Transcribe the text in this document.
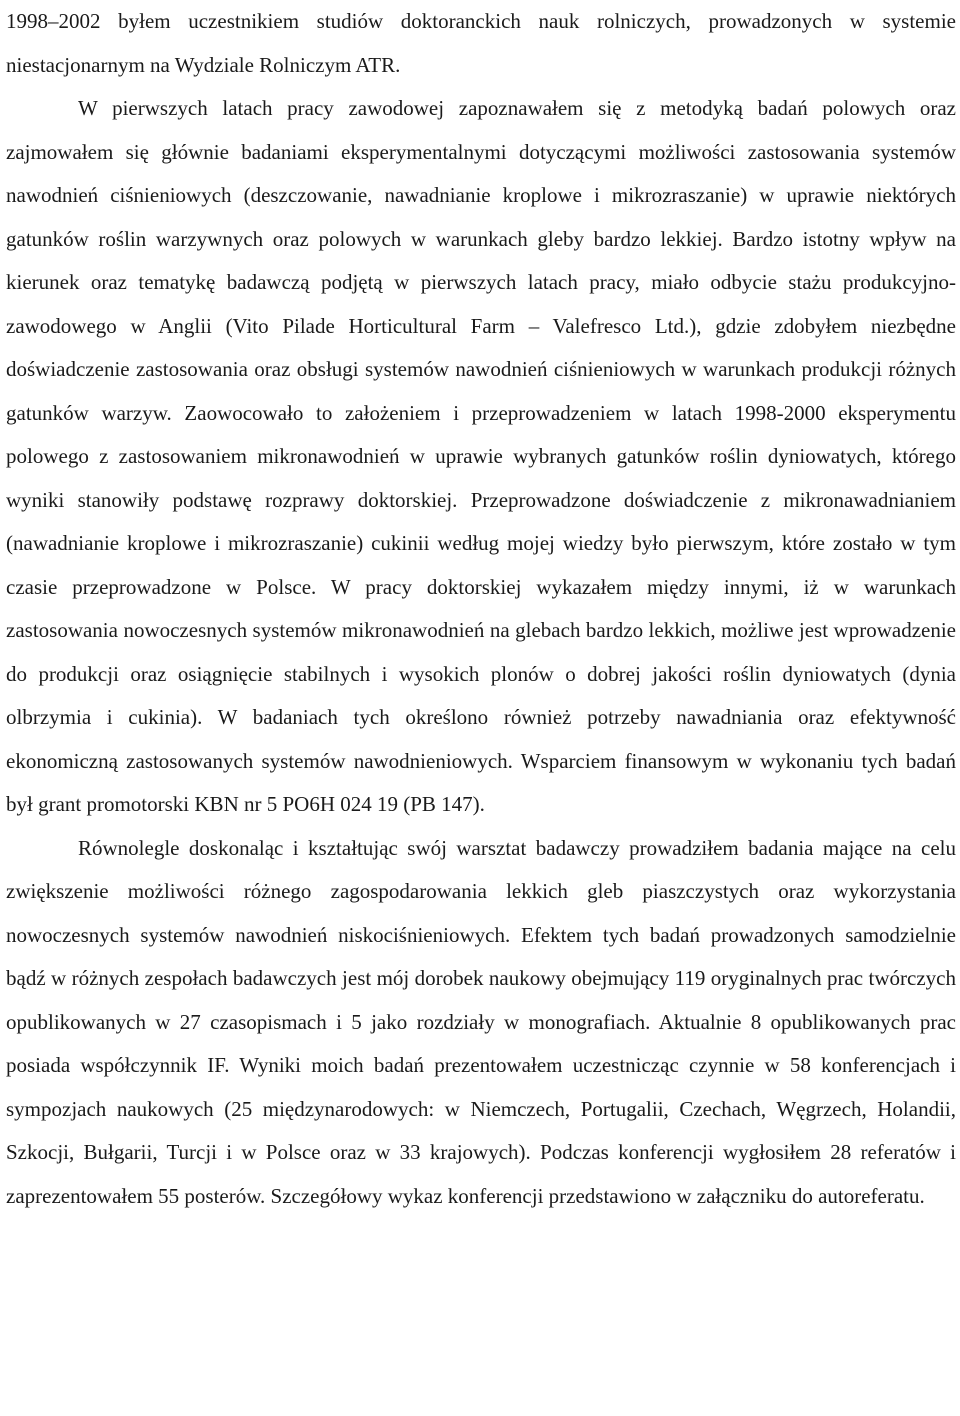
1998–2002 byłem uczestnikiem studiów doktoranckich nauk rolniczych, prowadzonych w systemie niestacjonarnym na Wydziale Rolniczym ATR.

W pierwszych latach pracy zawodowej zapoznawałem się z metodyką badań polowych oraz zajmowałem się głównie badaniami eksperymentalnymi dotyczącymi możliwości zastosowania systemów nawodnień ciśnieniowych (deszczowanie, nawadnianie kroplowe i mikrozraszanie) w uprawie niektórych gatunków roślin warzywnych oraz polowych w warunkach gleby bardzo lekkiej. Bardzo istotny wpływ na kierunek oraz tematykę badawczą podjętą w pierwszych latach pracy, miało odbycie stażu produkcyjno-zawodowego w Anglii (Vito Pilade Horticultural Farm – Valefresco Ltd.), gdzie zdobyłem niezbędne doświadczenie zastosowania oraz obsługi systemów nawodnień ciśnieniowych w warunkach produkcji różnych gatunków warzyw. Zaowocowało to założeniem i przeprowadzeniem w latach 1998-2000 eksperymentu polowego z zastosowaniem mikronawodnień w uprawie wybranych gatunków roślin dyniowatych, którego wyniki stanowiły podstawę rozprawy doktorskiej. Przeprowadzone doświadczenie z mikronawadnianiem (nawadnianie kroplowe i mikrozraszanie) cukinii według mojej wiedzy było pierwszym, które zostało w tym czasie przeprowadzone w Polsce. W pracy doktorskiej wykazałem między innymi, iż w warunkach zastosowania nowoczesnych systemów mikronawodnień na glebach bardzo lekkich, możliwe jest wprowadzenie do produkcji oraz osiągnięcie stabilnych i wysokich plonów o dobrej jakości roślin dyniowatych (dynia olbrzymia i cukinia). W badaniach tych określono również potrzeby nawadniania oraz efektywność ekonomiczną zastosowanych systemów nawodnieniowych. Wsparciem finansowym w wykonaniu tych badań był grant promotorski KBN nr 5 PO6H 024 19 (PB 147).

Równolegle doskonaląc i kształtując swój warsztat badawczy prowadziłem badania mające na celu zwiększenie możliwości różnego zagospodarowania lekkich gleb piaszczystych oraz wykorzystania nowoczesnych systemów nawodnień niskociśnieniowych. Efektem tych badań prowadzonych samodzielnie bądź w różnych zespołach badawczych jest mój dorobek naukowy obejmujący 119 oryginalnych prac twórczych opublikowanych w 27 czasopismach i 5 jako rozdziały w monografiach. Aktualnie 8 opublikowanych prac posiada współczynnik IF. Wyniki moich badań prezentowałem uczestnicząc czynnie w 58 konferencjach i sympozjach naukowych (25 międzynarodowych: w Niemczech, Portugalii, Czechach, Węgrzech, Holandii, Szkocji, Bułgarii, Turcji i w Polsce oraz w 33 krajowych). Podczas konferencji wygłosiłem 28 referatów i zaprezentowałem 55 posterów. Szczegółowy wykaz konferencji przedstawiono w załączniku do autoreferatu.
